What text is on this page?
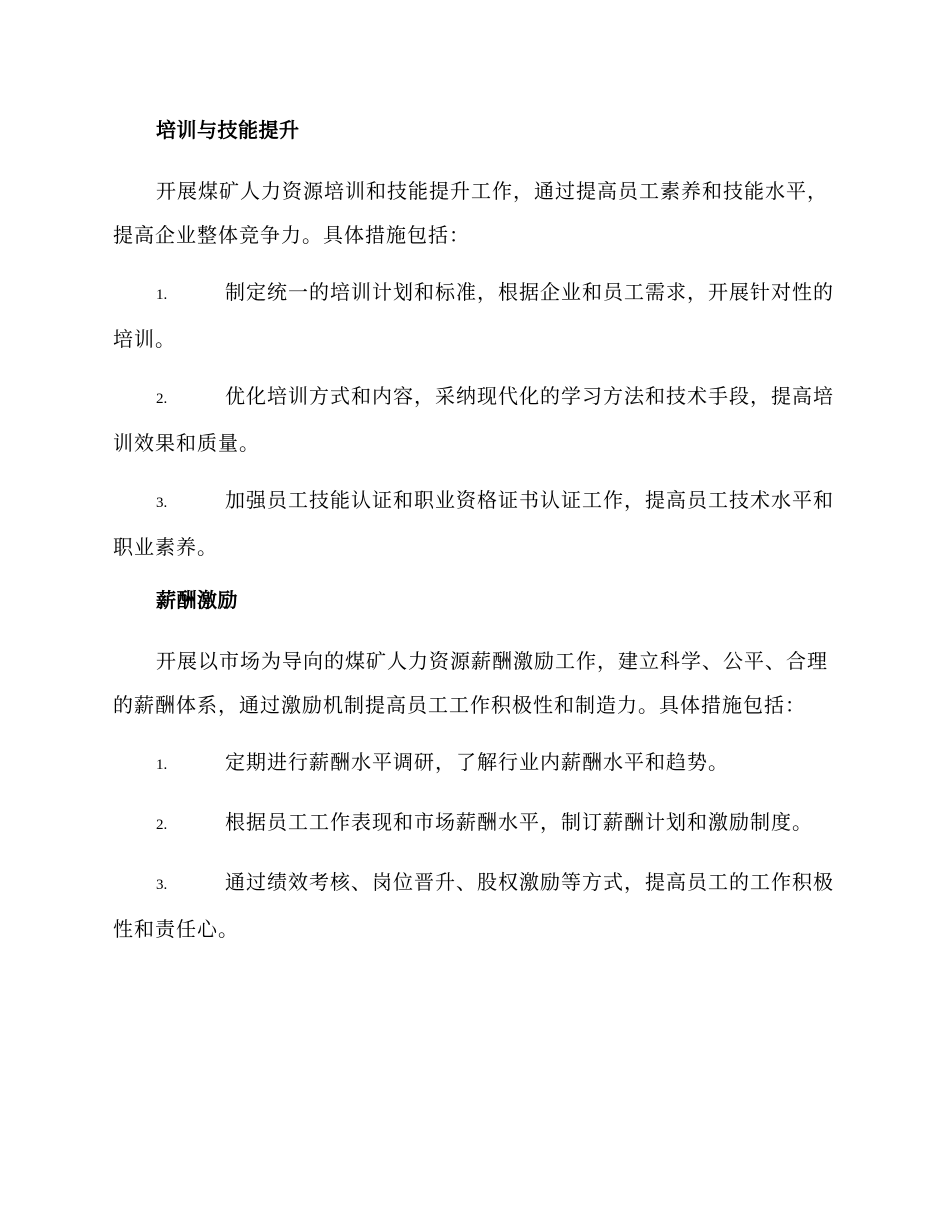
培训与技能提升

开展煤矿人力资源培训和技能提升工作，通过提高员工素养和技能水平，提高企业整体竞争力。具体措施包括：

1.	制定统一的培训计划和标准，根据企业和员工需求，开展针对性的培训。
2.	优化培训方式和内容，采纳现代化的学习方法和技术手段，提高培训效果和质量。
3.	加强员工技能认证和职业资格证书认证工作，提高员工技术水平和职业素养。
薪酬激励

开展以市场为导向的煤矿人力资源薪酬激励工作，建立科学、公平、合理的薪酬体系，通过激励机制提高员工工作积极性和制造力。具体措施包括：

1.	定期进行薪酬水平调研，了解行业内薪酬水平和趋势。
2.	根据员工工作表现和市场薪酬水平，制订薪酬计划和激励制度。
3.	通过绩效考核、岗位晋升、股权激励等方式，提高员工的工作积极性和责任心。
